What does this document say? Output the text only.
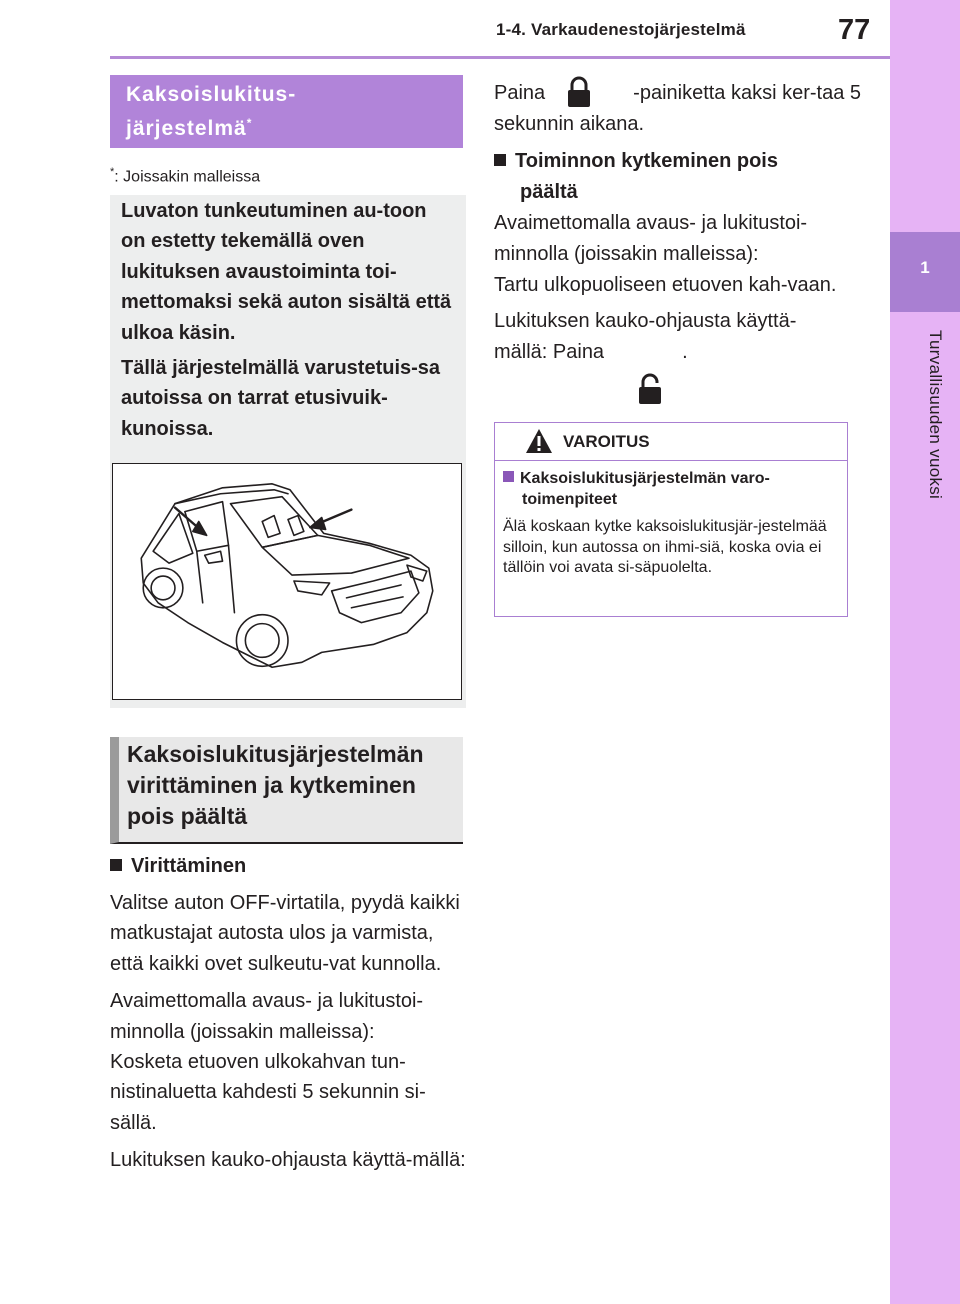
1-4. Varkaudenestojärjestelmä	77
1
Turvallisuuden vuoksi
Kaksoislukitus-
järjestelmä*
*: Joissakin malleissa

Luvaton tunkeutuminen au-toon on estetty tekemällä oven lukituksen avaustoiminta toi-mettomaksi sekä auton sisältä että ulkoa käsin.

Tällä järjestelmällä varustetuis-sa autoissa on tarrat etusivuik-kunoissa.

Kaksoislukitusjärjestelmän virittäminen ja kytkeminen pois päältä
Virittäminen

Valitse auton OFF-virtatila, pyydä kaikki matkustajat autosta ulos ja varmista, että kaikki ovet sulkeutu-vat kunnolla.

Avaimettomalla avaus- ja lukitustoi-minnolla (joissakin malleissa):
Kosketa etuoven ulkokahvan tun-nistinaluetta kahdesti 5 sekunnin si-sällä.

Lukituksen kauko-ohjausta käyttä-mällä:

Paina	-painiketta kaksi ker-taa 5 sekunnin aikana.
Toiminnon kytkeminen pois
päältä

Avaimettomalla avaus- ja lukitustoi-minnolla (joissakin malleissa):
Tartu ulkopuoliseen etuoven kah-vaan.

Lukituksen kauko-ohjausta käyttä-
mällä: Paina	.

VAROITUS
Kaksoislukitusjärjestelmän varo-
toimenpiteet
Älä koskaan kytke kaksoislukitusjär-jestelmää silloin, kun autossa on ihmi-siä, koska ovia ei tällöin voi avata si-säpuolelta.
